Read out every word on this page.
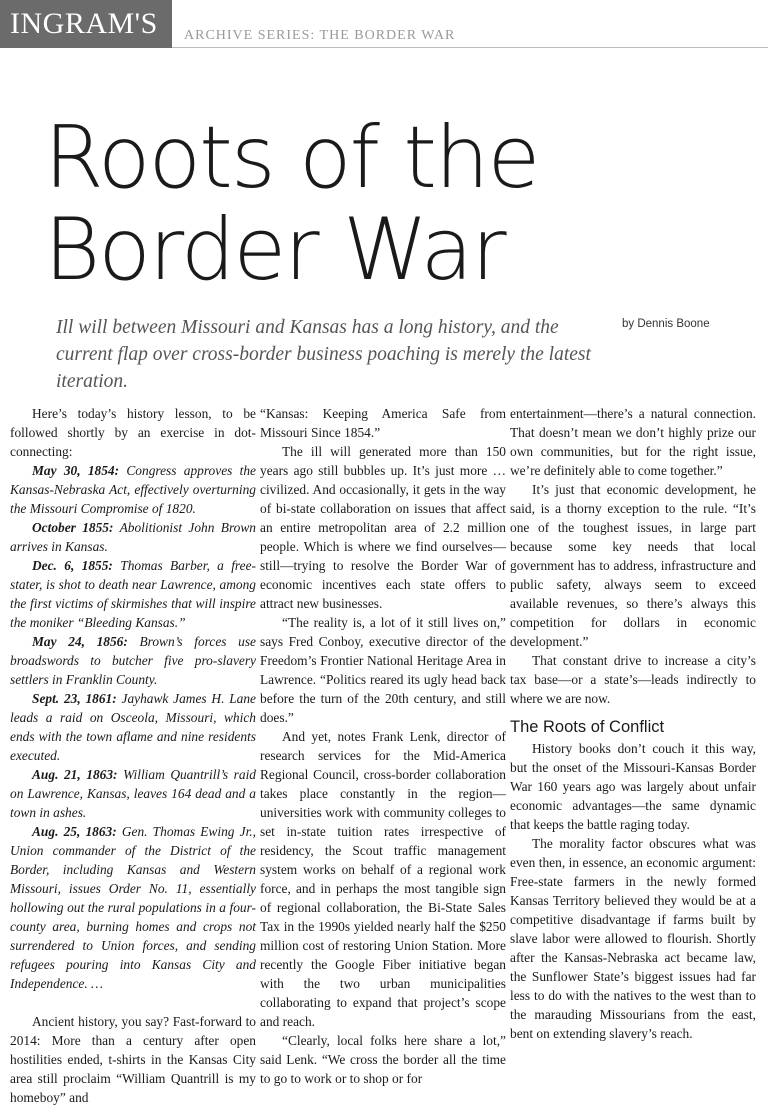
INGRAM'S	ARCHIVE SERIES: THE BORDER WAR
Roots of the
Border War

Ill will between Missouri and Kansas has a long history, and the current flap over cross-border business poaching is merely the latest iteration.

by Dennis Boone

Here’s today’s history lesson, to be followed shortly by an exercise in dot-connecting:

May 30, 1854: Congress approves the Kansas-Nebraska Act, effectively overturning the Missouri Compromise of 1820.

October 1855: Abolitionist John Brown arrives in Kansas.

Dec. 6, 1855: Thomas Barber, a free-stater, is shot to death near Lawrence, among the first victims of skirmishes that will inspire the moniker “Bleeding Kansas.”

May 24, 1856: Brown’s forces use broadswords to butcher five pro-slavery settlers in Franklin County.

Sept. 23, 1861: Jayhawk James H. Lane leads a raid on Osceola, Missouri, which ends with the town aflame and nine residents executed.

Aug. 21, 1863: William Quantrill’s raid on Lawrence, Kansas, leaves 164 dead and a town in ashes.

Aug. 25, 1863: Gen. Thomas Ewing Jr., Union commander of the District of the Border, including Kansas and Western Missouri, issues Order No. 11, essentially hollowing out the rural populations in a four-county area, burning homes and crops not surrendered to Union forces, and sending refugees pouring into Kansas City and Independence. …

Ancient history, you say? Fast-forward to 2014: More than a century after open hostilities ended, t-shirts in the Kansas City area still proclaim “William Quantrill is my homeboy” and

“Kansas: Keeping America Safe from Missouri Since 1854.”

The ill will generated more than 150 years ago still bubbles up. It’s just more … civilized. And occasionally, it gets in the way of bi-state collaboration on issues that affect an entire metropolitan area of 2.2 million people. Which is where we find ourselves—still—trying to resolve the Border War of economic incentives each state offers to attract new businesses.

“The reality is, a lot of it still lives on,” says Fred Conboy, executive director of the Freedom’s Frontier National Heritage Area in Lawrence. “Politics reared its ugly head back before the turn of the 20th century, and still does.”

And yet, notes Frank Lenk, director of research services for the Mid-America Regional Council, cross-border collaboration takes place constantly in the region—universities work with community colleges to set in-state tuition rates irrespective of residency, the Scout traffic management system works on behalf of a regional work force, and in perhaps the most tangible sign of regional collaboration, the Bi-State Sales Tax in the 1990s yielded nearly half the $250 million cost of restoring Union Station. More recently the Google Fiber initiative began with the two urban municipalities collaborating to expand that project’s scope and reach.

“Clearly, local folks here share a lot,” said Lenk. “We cross the border all the time to go to work or to shop or for

entertainment—there’s a natural connection. That doesn’t mean we don’t highly prize our own communities, but for the right issue, we’re definitely able to come together.”

It’s just that economic development, he said, is a thorny exception to the rule. “It’s one of the toughest issues, in large part because some key needs that local government has to address, infrastructure and public safety, always seem to exceed available revenues, so there’s always this competition for dollars in economic development.”

That constant drive to increase a city’s tax base—or a state’s—leads indirectly to where we are now.

The Roots of Conflict

History books don’t couch it this way, but the onset of the Missouri-Kansas Border War 160 years ago was largely about unfair economic advantages—the same dynamic that keeps the battle raging today.

The morality factor obscures what was even then, in essence, an economic argument: Free-state farmers in the newly formed Kansas Territory believed they would be at a competitive disadvantage if farms built by slave labor were allowed to flourish. Shortly after the Kansas-Nebraska act became law, the Sunflower State’s biggest issues had far less to do with the natives to the west than to the marauding Missourians from the east, bent on extending slavery’s reach.
